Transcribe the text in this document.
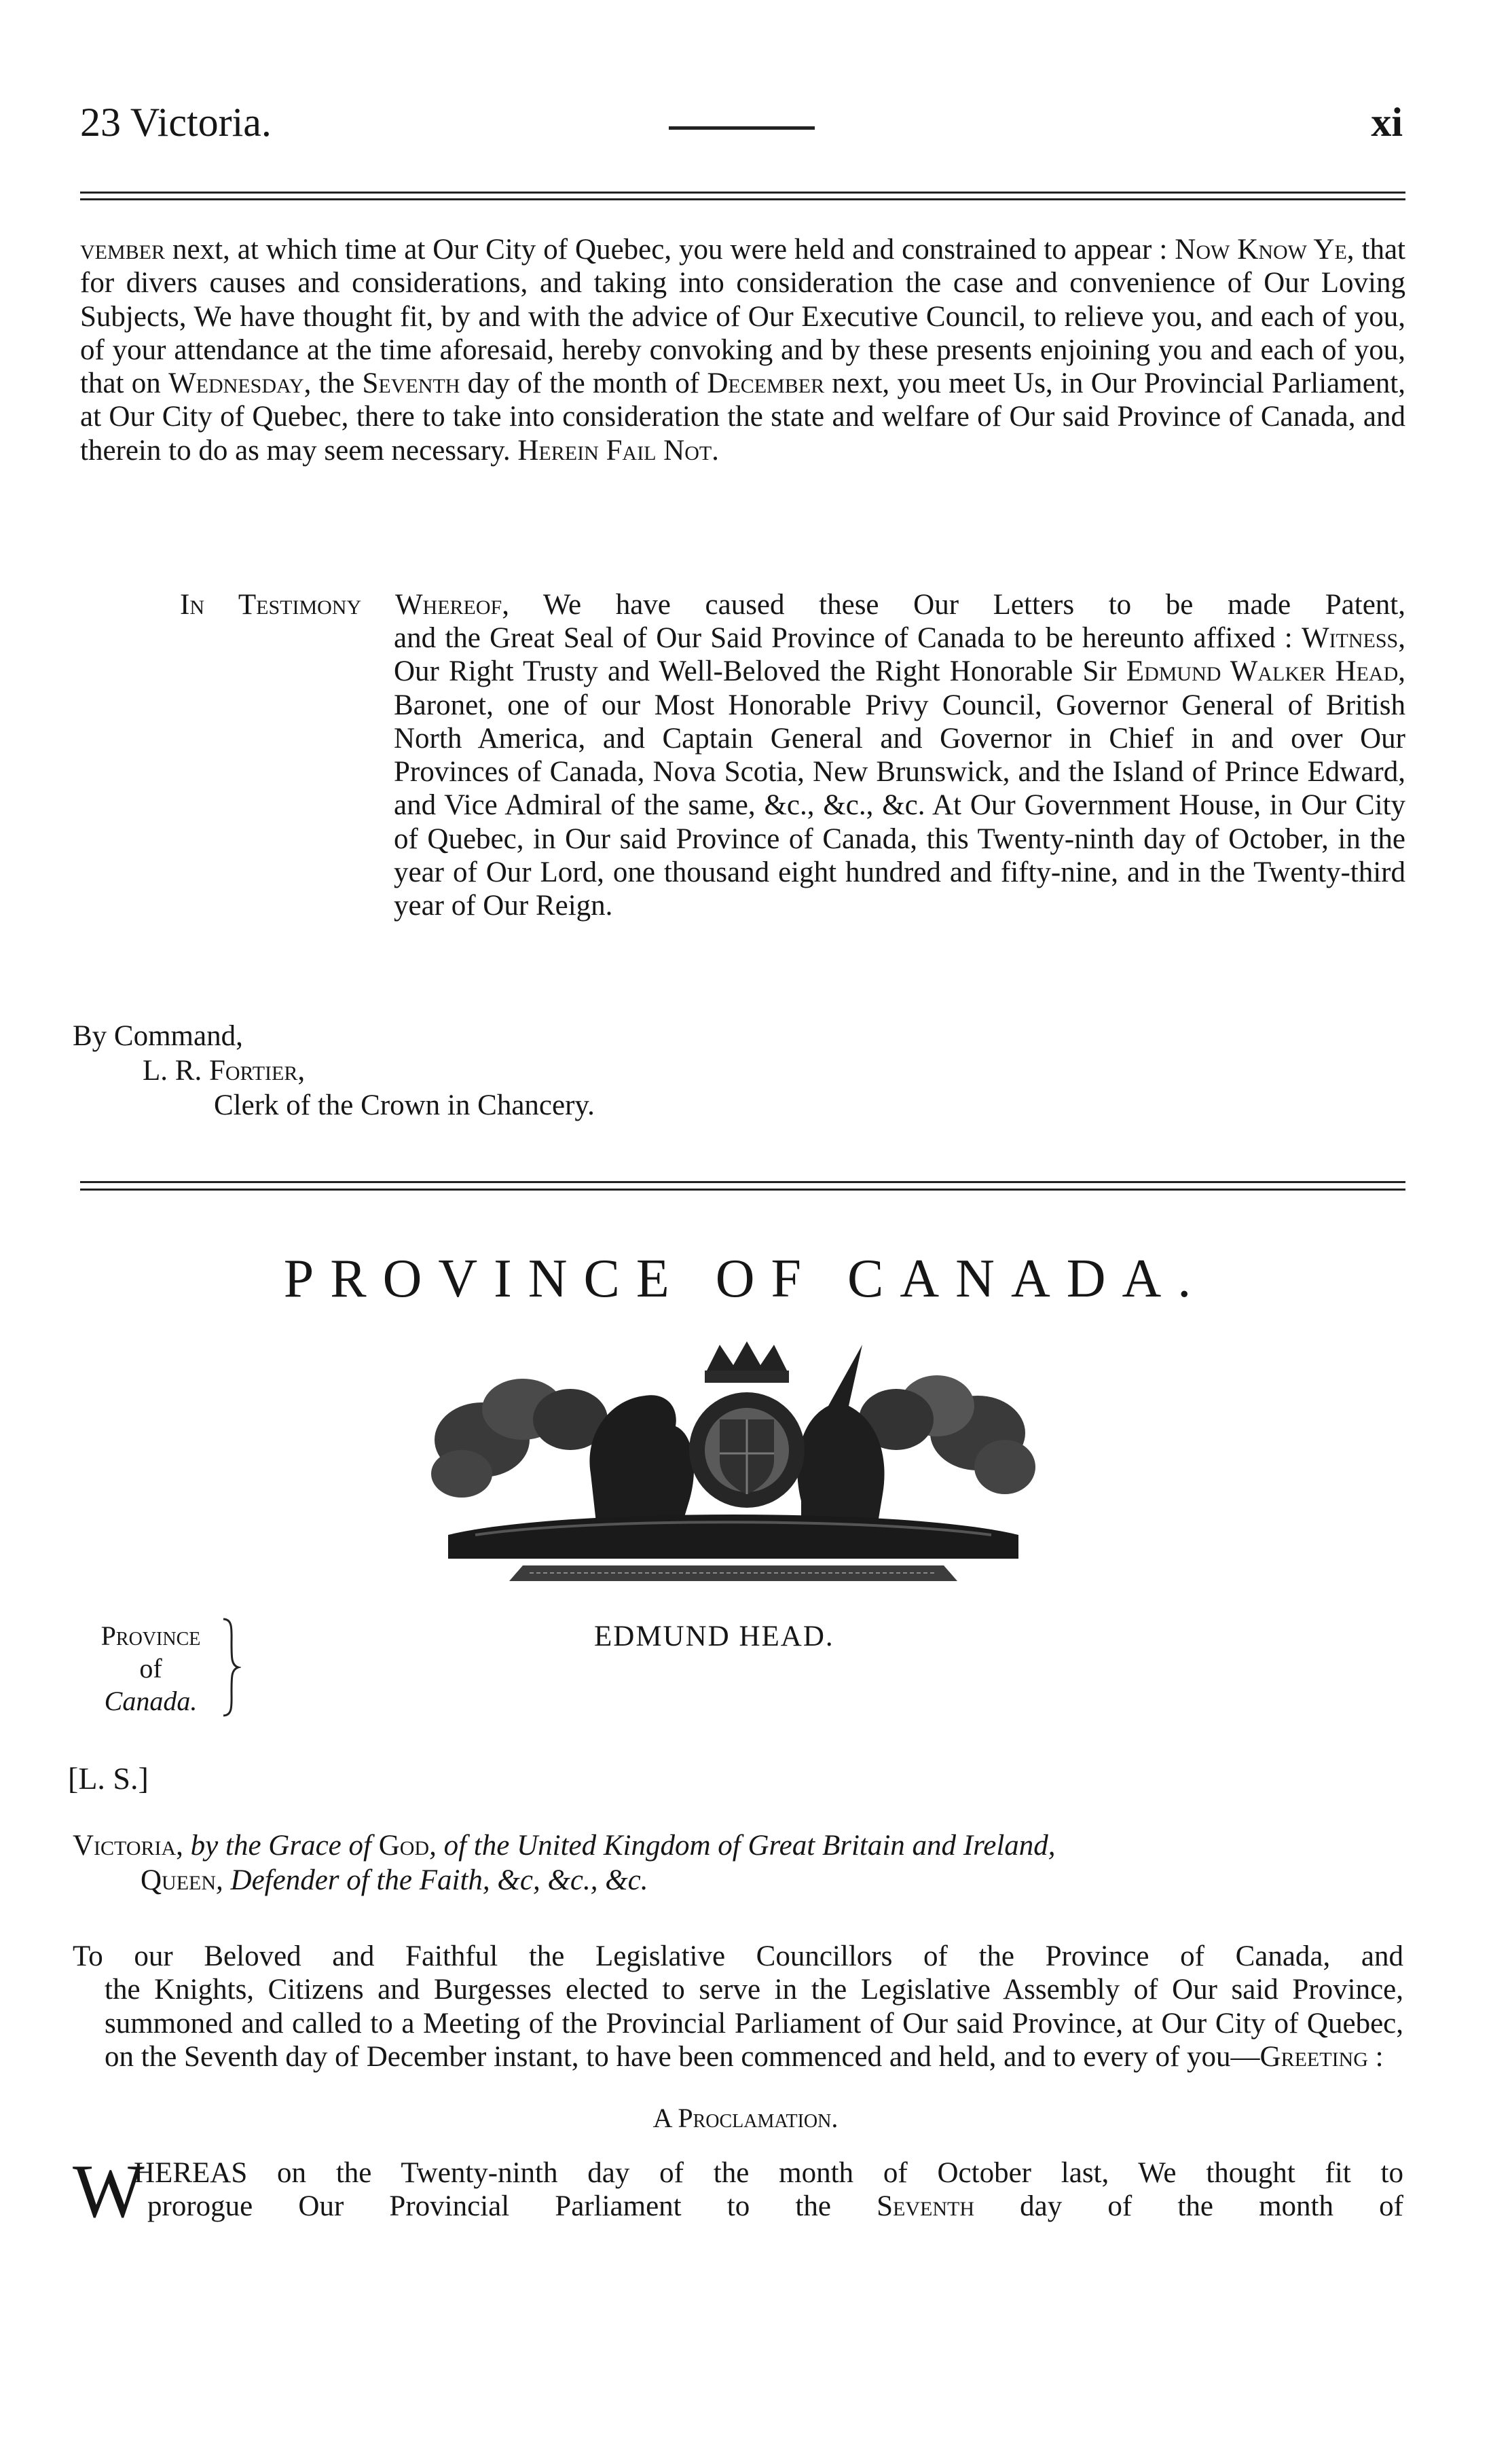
23 Victoria.	xi

vember next, at which time at Our City of Quebec, you were held and constrained to appear : Now Know Ye, that for divers causes and considerations, and taking into consideration the case and convenience of Our Loving Subjects, We have thought fit, by and with the advice of Our Executive Council, to relieve you, and each of you, of your attendance at the time aforesaid, hereby convoking and by these presents enjoining you and each of you, that on Wednesday, the Seventh day of the month of December next, you meet Us, in Our Provincial Parliament, at Our City of Quebec, there to take into consideration the state and welfare of Our said Province of Canada, and therein to do as may seem necessary. Herein Fail Not.

In Testimony Whereof, We have caused these Our Letters to be made Patent,

and the Great Seal of Our Said Province of Canada to be hereunto affixed : Witness, Our Right Trusty and Well-Beloved the Right Honorable Sir Edmund Walker Head, Baronet, one of our Most Honorable Privy Council, Governor General of British North America, and Captain General and Governor in Chief in and over Our Provinces of Canada, Nova Scotia, New Brunswick, and the Island of Prince Edward, and Vice Admiral of the same, &c., &c., &c. At Our Government House, in Our City of Quebec, in Our said Province of Canada, this Twenty-ninth day of October, in the year of Our Lord, one thousand eight hundred and fifty-nine, and in the Twenty-third year of Our Reign.

By Command,
L. R. Fortier,
Clerk of the Crown in Chancery.
PROVINCE OF CANADA.
Province
of
Canada.
EDMUND HEAD.
[L. S.]
Victoria, by the Grace of God, of the United Kingdom of Great Britain and Ireland,
Queen, Defender of the Faith, &c, &c., &c.

To our Beloved and Faithful the Legislative Councillors of the Province of Canada, and
the Knights, Citizens and Burgesses elected to serve in the Legislative Assembly of Our said Province, summoned and called to a Meeting of the Provincial Parliament of Our said Province, at Our City of Quebec, on the Seventh day of December instant, to have been commenced and held, and to every of you—Greeting :

A Proclamation.
W
HEREAS on the Twenty-ninth day of the month of October last, We thought fit to
prorogue Our Provincial Parliament to the Seventh day of the month of
